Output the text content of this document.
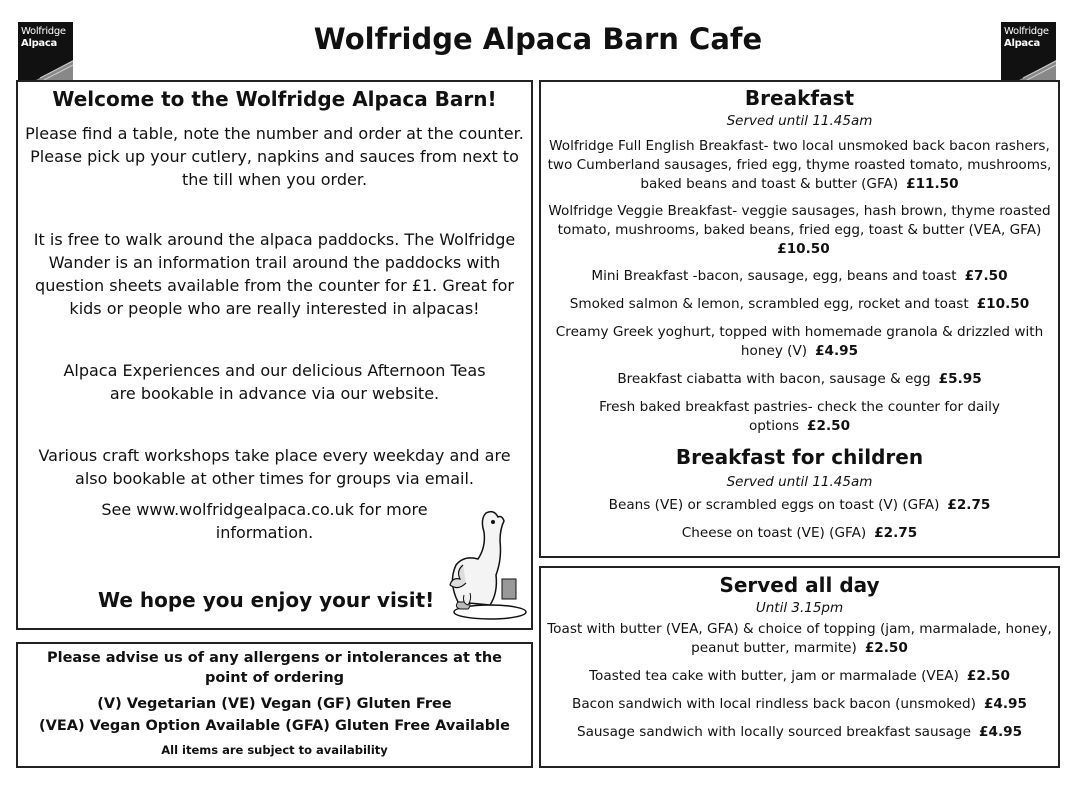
Wolfridge
Alpaca
Wolfridge
Alpaca
Wolfridge Alpaca Barn Cafe
Welcome to the Wolfridge Alpaca Barn!
Please find a table, note the number and order at the counter. Please pick up your cutlery, napkins and sauces from next to the till when you order.
It is free to walk around the alpaca paddocks. The Wolfridge Wander is an information trail around the paddocks with question sheets available from the counter for £1. Great for kids or people who are really interested in alpacas!
Alpaca Experiences and our delicious Afternoon Teas are bookable in advance via our website.
Various craft workshops take place every weekday and are also bookable at other times for groups via email.
See www.wolfridgealpaca.co.uk for more information.
We hope you enjoy your visit!
Please advise us of any allergens or intolerances at the point of ordering
(V) Vegetarian (VE) Vegan (GF) Gluten Free
(VEA) Vegan Option Available (GFA) Gluten Free Available
All items are subject to availability
Breakfast
Served until 11.45am

Wolfridge Full English Breakfast- two local unsmoked back bacon rashers, two Cumberland sausages, fried egg, thyme roasted tomato, mushrooms, baked beans and toast & butter (GFA) £11.50

Wolfridge Veggie Breakfast- veggie sausages, hash brown, thyme roasted tomato, mushrooms, baked beans, fried egg, toast & butter (VEA, GFA)£10.50

Mini Breakfast -bacon, sausage, egg, beans and toast £7.50

Smoked salmon & lemon, scrambled egg, rocket and toast £10.50

Creamy Greek yoghurt, topped with homemade granola & drizzled with honey (V) £4.95

Breakfast ciabatta with bacon, sausage & egg £5.95

Fresh baked breakfast pastries- check the counter for daily options £2.50

Breakfast for children
Served until 11.45am

Beans (VE) or scrambled eggs on toast (V) (GFA) £2.75

Cheese on toast (VE) (GFA) £2.75

Served all day
Until 3.15pm

Toast with butter (VEA, GFA) & choice of topping (jam, marmalade, honey, peanut butter, marmite) £2.50

Toasted tea cake with butter, jam or marmalade (VEA) £2.50

Bacon sandwich with local rindless back bacon (unsmoked) £4.95

Sausage sandwich with locally sourced breakfast sausage £4.95
